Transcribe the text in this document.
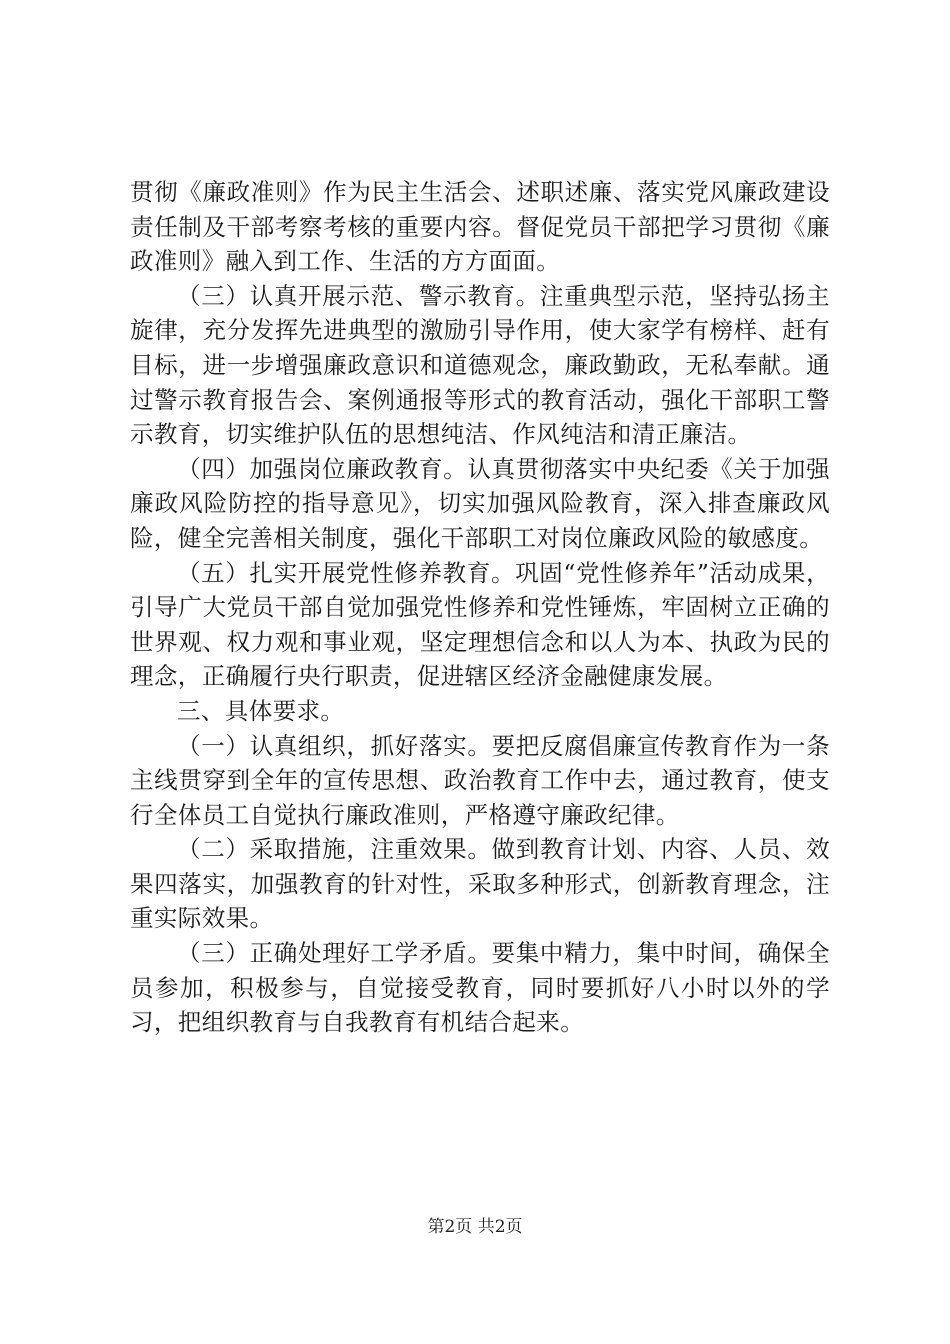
贯彻《廉政准则》作为民主生活会、述职述廉、落实党风廉政建设责任制及干部考察考核的重要内容。督促党员干部把学习贯彻《廉政准则》融入到工作、生活的方方面面。

（三）认真开展示范、警示教育。注重典型示范，坚持弘扬主旋律，充分发挥先进典型的激励引导作用，使大家学有榜样、赶有目标，进一步增强廉政意识和道德观念，廉政勤政，无私奉献。通过警示教育报告会、案例通报等形式的教育活动，强化干部职工警示教育，切实维护队伍的思想纯洁、作风纯洁和清正廉洁。

（四）加强岗位廉政教育。认真贯彻落实中央纪委《关于加强廉政风险防控的指导意见》，切实加强风险教育，深入排查廉政风险，健全完善相关制度，强化干部职工对岗位廉政风险的敏感度。

（五）扎实开展党性修养教育。巩固“党性修养年”活动成果，引导广大党员干部自觉加强党性修养和党性锤炼，牢固树立正确的世界观、权力观和事业观，坚定理想信念和以人为本、执政为民的理念，正确履行央行职责，促进辖区经济金融健康发展。

三、具体要求。

（一）认真组织，抓好落实。要把反腐倡廉宣传教育作为一条主线贯穿到全年的宣传思想、政治教育工作中去，通过教育，使支行全体员工自觉执行廉政准则，严格遵守廉政纪律。

（二）采取措施，注重效果。做到教育计划、内容、人员、效果四落实，加强教育的针对性，采取多种形式，创新教育理念，注重实际效果。

（三）正确处理好工学矛盾。要集中精力，集中时间，确保全员参加，积极参与，自觉接受教育，同时要抓好八小时以外的学习，把组织教育与自我教育有机结合起来。

第2页 共2页
